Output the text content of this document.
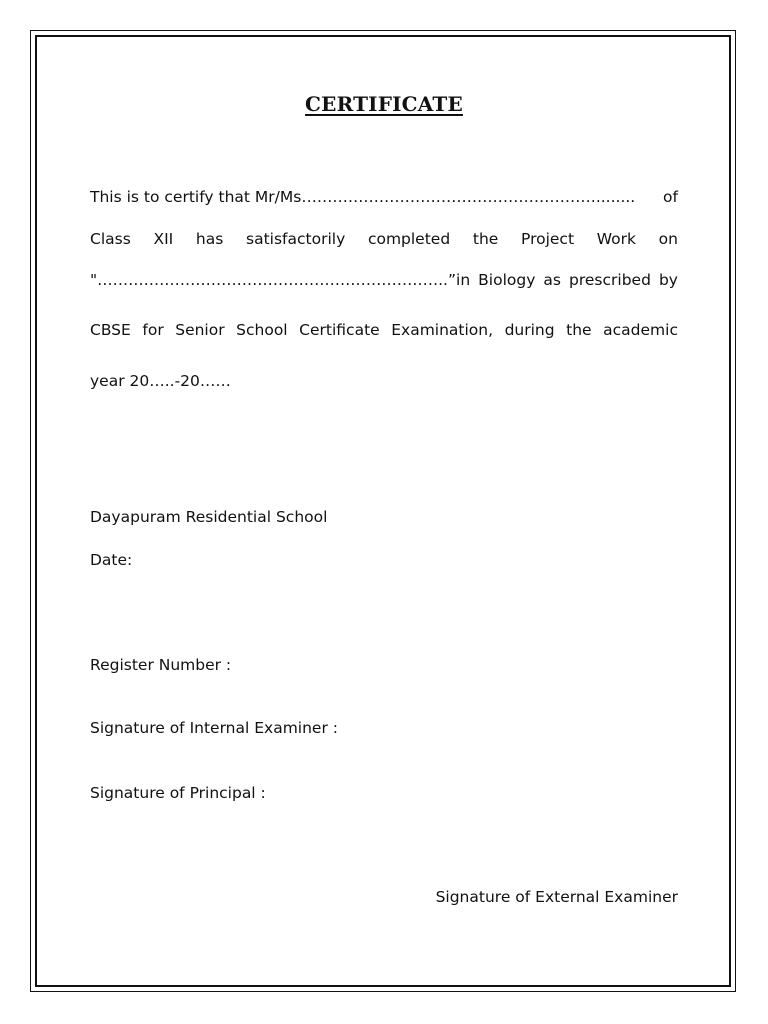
CERTIFICATE
This is to certify that Mr/Ms…………………………………………………........ of
Class XII has satisfactorily completed the Project Work on
"…………………………………………………………..”in Biology as prescribed by
CBSE for Senior School Certificate Examination, during the academic
year 20…..-20……
Dayapuram Residential School
Date:
Register Number :
Signature of Internal Examiner :
Signature of Principal :
Signature of External Examiner
